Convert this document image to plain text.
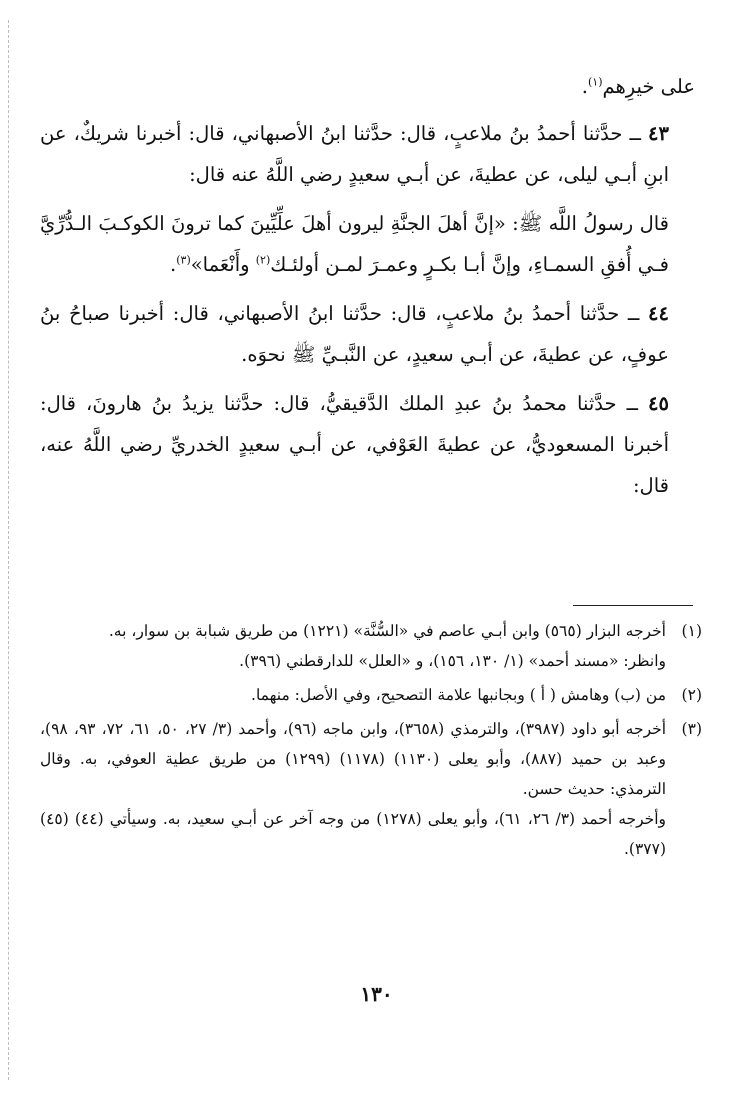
على خيرِهم$^{(١)}$.

٤٣ ــ حدَّثنا أحمدُ بنُ ملاعبٍ، قال: حدَّثنا ابنُ الأصبهاني، قال: أخبرنا شريكٌ، عن ابنِ أبـي ليلى، عن عطيةَ، عن أبـي سعيدٍ رضي اللَّهُ عنه قال:

قال رسولُ اللَّه ﷺ: «إنَّ أهلَ الجنَّةِ ليرون أهلَ علِّيِّينَ كما ترونَ الكوكـبَ الـدُّرِّيَّ فـي أُفقِ السمـاءِ، وإنَّ أبـا بكـرٍ وعمـرَ لمـن أولئـك$^{(٢)}$ وأَنْعَما»$^{(٣)}$.

٤٤ ــ حدَّثنا أحمدُ بنُ ملاعبٍ، قال: حدَّثنا ابنُ الأصبهاني، قال: أخبرنا صباحُ بنُ عوفٍ، عن عطيةَ، عن أبـي سعيدٍ، عن النَّبـيِّ ﷺ نحوَه.

٤٥ ــ حدَّثنا محمدُ بنُ عبدِ الملك الدَّقيقيُّ، قال: حدَّثنا يزيدُ بنُ هارونَ، قال: أخبرنا المسعوديُّ، عن عطيةَ العَوْفي، عن أبـي سعيدٍ الخدريِّ رضي اللَّهُ عنه، قال:

(١)

أخرجه البزار (٥٦٥) وابن أبـي عاصم في «السُّنَّة» (١٢٢١) من طريق شبابة بن سوار، به.

وانظر: «مسند أحمد» (١/ ١٣٠، ١٥٦)، و «العلل» للدارقطني (٣٩٦).

(٢)

من (ب) وهامش ( أ ) وبجانبها علامة التصحيح، وفي الأصل: منهما.

(٣)

أخرجه أبو داود (٣٩٨٧)، والترمذي (٣٦٥٨)، وابن ماجه (٩٦)، وأحمد (٣/ ٢٧، ٥٠، ٦١، ٧٢، ٩٣، ٩٨)، وعبد بن حميد (٨٨٧)، وأبو يعلى (١١٣٠) (١١٧٨) (١٢٩٩) من طريق عطية العوفي، به. وقال الترمذي: حديث حسن.

وأخرجه أحمد (٣/ ٢٦، ٦١)، وأبو يعلى (١٢٧٨) من وجه آخر عن أبـي سعيد، به. وسيأتي (٤٤) (٤٥) (٣٧٧).

١٣٠
